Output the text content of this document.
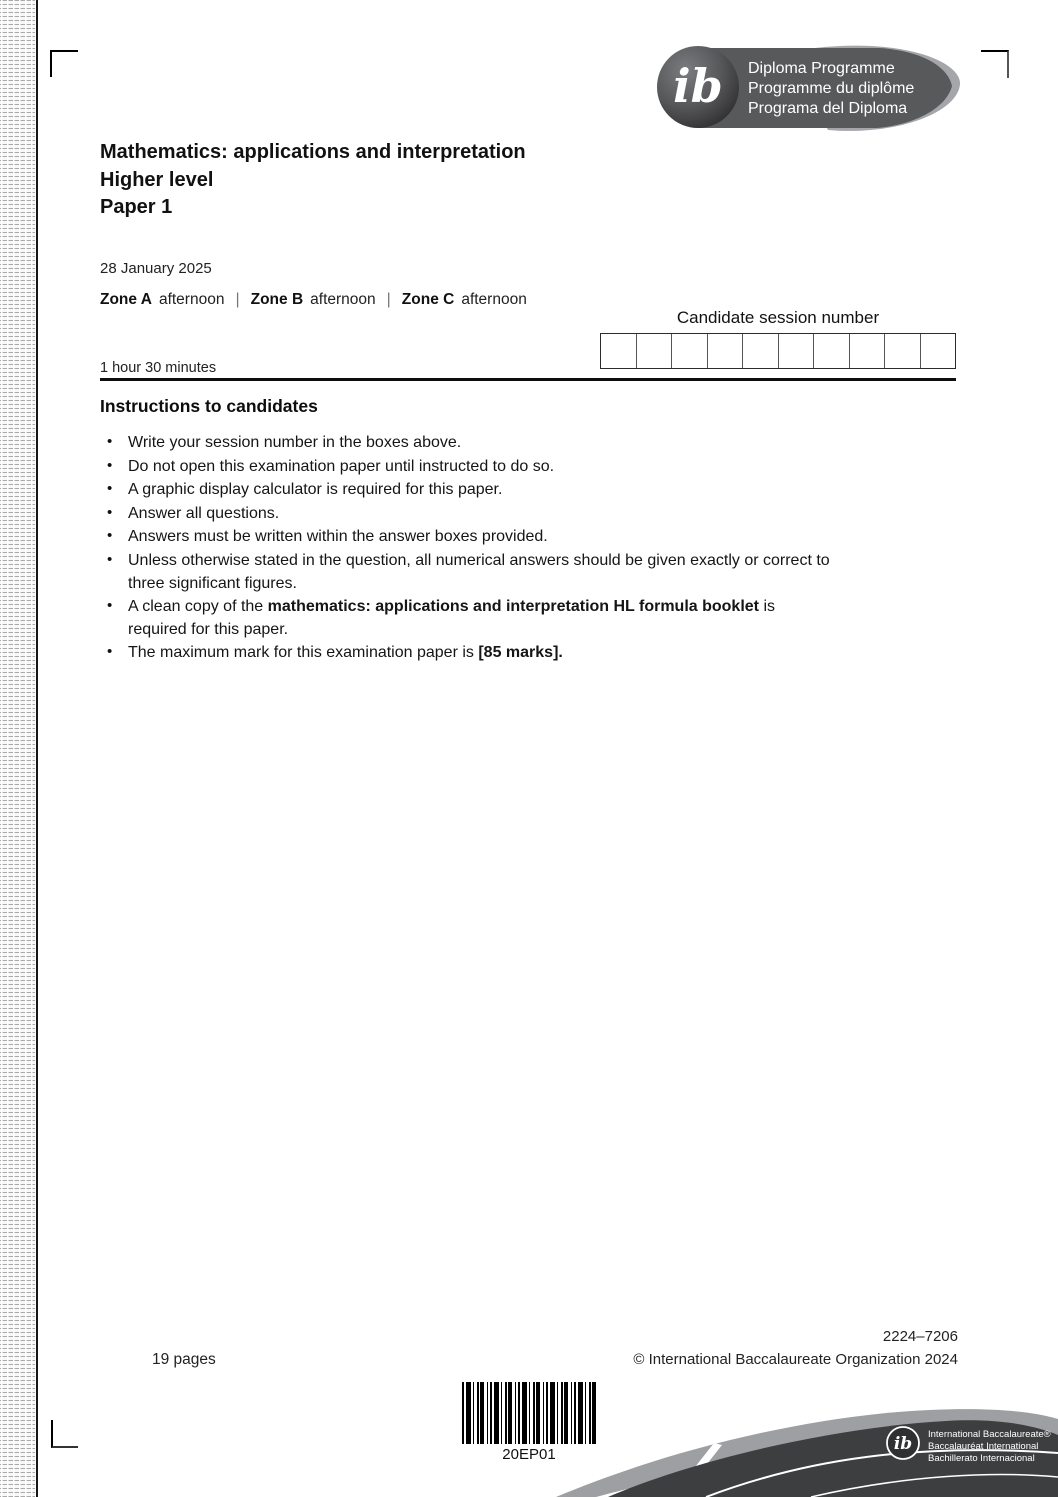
ib Diploma Programme
Programme du diplôme
Programa del Diploma
Mathematics: applications and interpretation
Higher level
Paper 1
28 January 2025
Zone A afternoon | Zone B afternoon | Zone C afternoon
Candidate session number
1 hour 30 minutes
Instructions to candidates
• Write your session number in the boxes above.
• Do not open this examination paper until instructed to do so.
• A graphic display calculator is required for this paper.
• Answer all questions.
• Answers must be written within the answer boxes provided.
• Unless otherwise stated in the question, all numerical answers should be given exactly or correct to three significant figures.
• A clean copy of the mathematics: applications and interpretation HL formula booklet is required for this paper.
• The maximum mark for this examination paper is [85 marks].
2224–7206
19 pages	© International Baccalaureate Organization 2024
20EP01
ib International Baccalaureate®
Baccalauréat International
Bachillerato Internacional
